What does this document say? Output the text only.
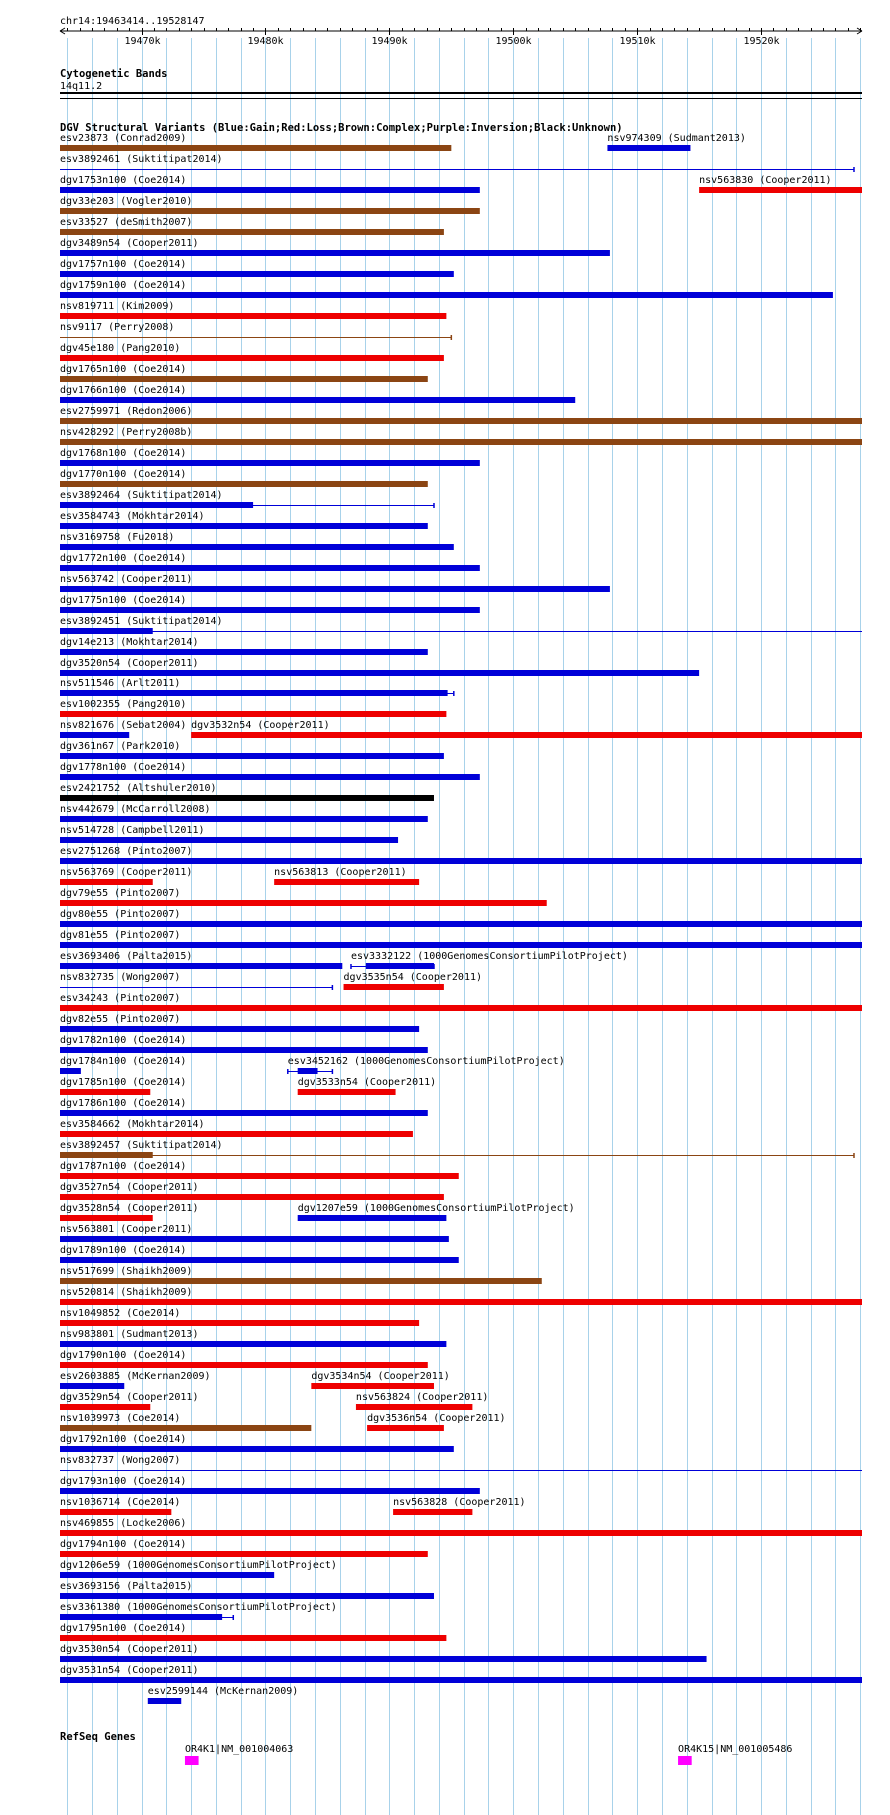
chr14:19463414..19528147
19470k	19480k	19490k	19500k	19510k	19520k
Cytogenetic Bands
14q11.2
DGV Structural Variants (Blue:Gain;Red:Loss;Brown:Complex;Purple:Inversion;Black:Unknown)
esv23873 (Conrad2009)	nsv974309 (Sudmant2013)
esv3892461 (Suktitipat2014)
dgv1753n100 (Coe2014)	nsv563830 (Cooper2011)
dgv33e203 (Vogler2010)
esv33527 (deSmith2007)
dgv3489n54 (Cooper2011)
dgv1757n100 (Coe2014)
dgv1759n100 (Coe2014)
nsv819711 (Kim2009)
nsv9117 (Perry2008)
dgv45e180 (Pang2010)
dgv1765n100 (Coe2014)
dgv1766n100 (Coe2014)
esv2759971 (Redon2006)
nsv428292 (Perry2008b)
dgv1768n100 (Coe2014)
dgv1770n100 (Coe2014)
esv3892464 (Suktitipat2014)
esv3584743 (Mokhtar2014)
nsv3169758 (Fu2018)
dgv1772n100 (Coe2014)
nsv563742 (Cooper2011)
dgv1775n100 (Coe2014)
esv3892451 (Suktitipat2014)
dgv14e213 (Mokhtar2014)
dgv3520n54 (Cooper2011)
nsv511546 (Arlt2011)
esv1002355 (Pang2010)
nsv821676 (Sebat2004) dgv3532n54 (Cooper2011)
dgv361n67 (Park2010)
dgv1778n100 (Coe2014)
esv2421752 (Altshuler2010)
nsv442679 (McCarroll2008)
nsv514728 (Campbell2011)
esv2751268 (Pinto2007)
nsv563769 (Cooper2011)	nsv563813 (Cooper2011)
dgv79e55 (Pinto2007)
dgv80e55 (Pinto2007)
dgv81e55 (Pinto2007)
esv3693406 (Palta2015)	esv3332122 (1000GenomesConsortiumPilotProject)
nsv832735 (Wong2007)	dgv3535n54 (Cooper2011)
esv34243 (Pinto2007)
dgv82e55 (Pinto2007)
dgv1782n100 (Coe2014)
dgv1784n100 (Coe2014)	esv3452162 (1000GenomesConsortiumPilotProject)
dgv1785n100 (Coe2014)	dgv3533n54 (Cooper2011)
dgv1786n100 (Coe2014)
esv3584662 (Mokhtar2014)
esv3892457 (Suktitipat2014)
dgv1787n100 (Coe2014)
dgv3527n54 (Cooper2011)
dgv3528n54 (Cooper2011)	dgv1207e59 (1000GenomesConsortiumPilotProject)
nsv563801 (Cooper2011)
dgv1789n100 (Coe2014)
nsv517699 (Shaikh2009)
nsv520814 (Shaikh2009)
nsv1049852 (Coe2014)
nsv983801 (Sudmant2013)
dgv1790n100 (Coe2014)
esv2603885 (McKernan2009)	dgv3534n54 (Cooper2011)
dgv3529n54 (Cooper2011)	nsv563824 (Cooper2011)
nsv1039973 (Coe2014)	dgv3536n54 (Cooper2011)
dgv1792n100 (Coe2014)
nsv832737 (Wong2007)
dgv1793n100 (Coe2014)
nsv1036714 (Coe2014)	nsv563828 (Cooper2011)
nsv469855 (Locke2006)
dgv1794n100 (Coe2014)
dgv1206e59 (1000GenomesConsortiumPilotProject)
esv3693156 (Palta2015)
esv3361380 (1000GenomesConsortiumPilotProject)
dgv1795n100 (Coe2014)
dgv3530n54 (Cooper2011)
dgv3531n54 (Cooper2011)
esv2599144 (McKernan2009)
RefSeq Genes
OR4K1|NM_001004063	OR4K15|NM_001005486
